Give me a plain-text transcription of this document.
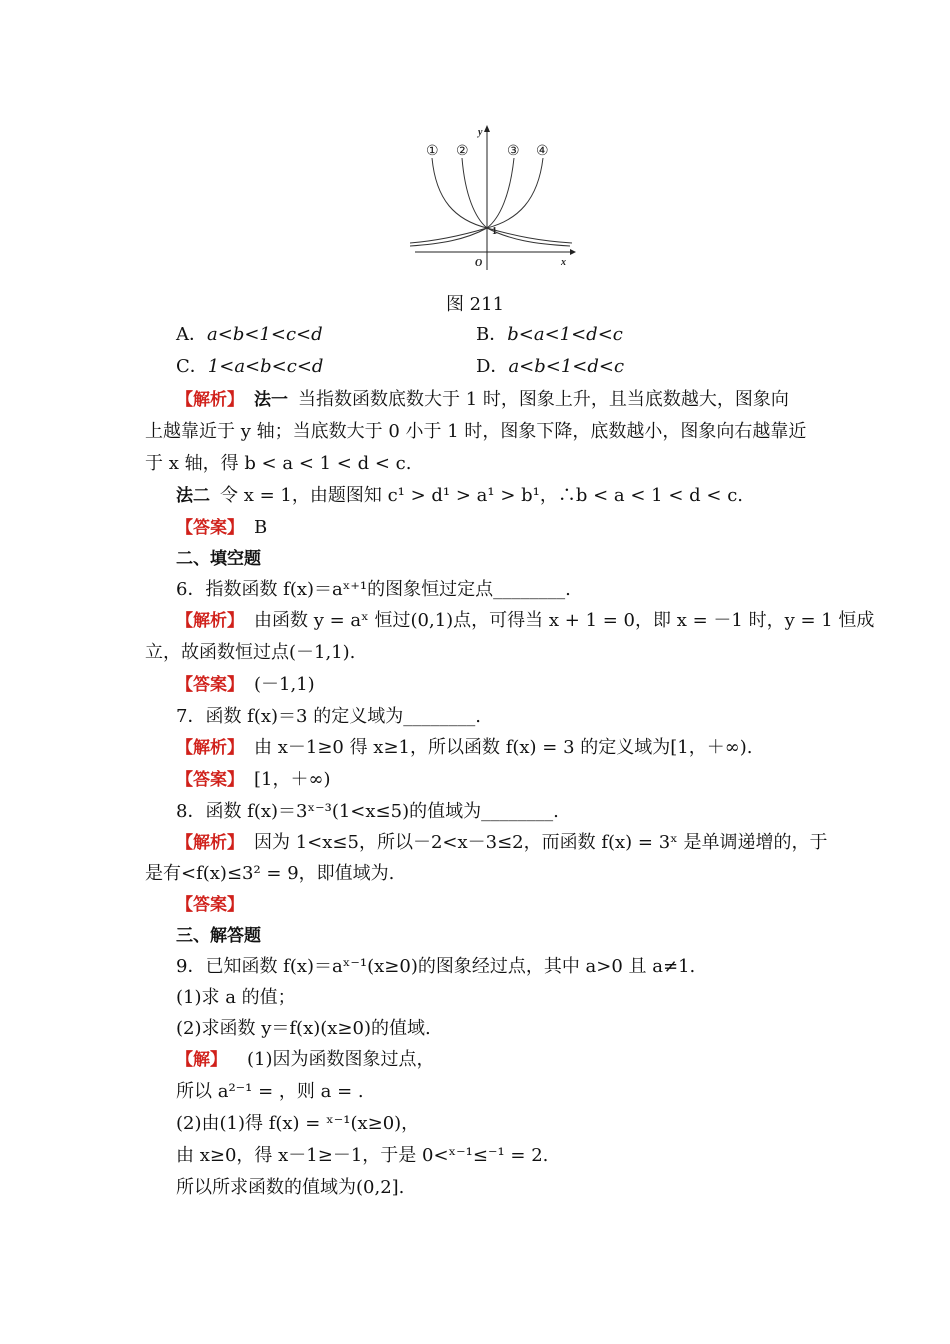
① ②	③ ④
y
x
O
1
图 211
A．a<b<1<c<d	B．b<a<1<d<c
C．1<a<b<c<d	D．a<b<1<d<c
【解析】 法一 当指数函数底数大于 1 时，图象上升，且当底数越大，图象向
上越靠近于 y 轴；当底数大于 0 小于 1 时，图象下降，底数越小，图象向右越靠近
于 x 轴，得 b < a < 1 < d < c.
法二 令 x = 1，由题图知 c¹ > d¹ > a¹ > b¹，∴b < a < 1 < d < c.
【答案】 B
二、填空题
6．指数函数 f(x)＝aˣ⁺¹的图象恒过定点________.
【解析】 由函数 y = aˣ 恒过(0,1)点，可得当 x + 1 = 0，即 x = －1 时，y = 1 恒成
立，故函数恒过点(－1,1).
【答案】 (－1,1)
7．函数 f(x)＝3 的定义域为________.
【解析】 由 x－1≥0 得 x≥1，所以函数 f(x) = 3 的定义域为[1，＋∞).
【答案】 [1，＋∞)
8．函数 f(x)＝3ˣ⁻³(1<x≤5)的值域为________.
【解析】 因为 1<x≤5，所以－2<x－3≤2，而函数 f(x) = 3ˣ 是单调递增的，于
是有<f(x)≤3² = 9，即值域为.
【答案】
三、解答题
9．已知函数 f(x)＝aˣ⁻¹(x≥0)的图象经过点，其中 a>0 且 a≠1.
(1)求 a 的值；
(2)求函数 y＝f(x)(x≥0)的值域.
【解】 (1)因为函数图象过点，
所以 a²⁻¹ = ，则 a = .
(2)由(1)得 f(x) = ˣ⁻¹(x≥0)，
由 x≥0，得 x－1≥－1，于是 0<ˣ⁻¹≤⁻¹ = 2.
所以所求函数的值域为(0,2].
